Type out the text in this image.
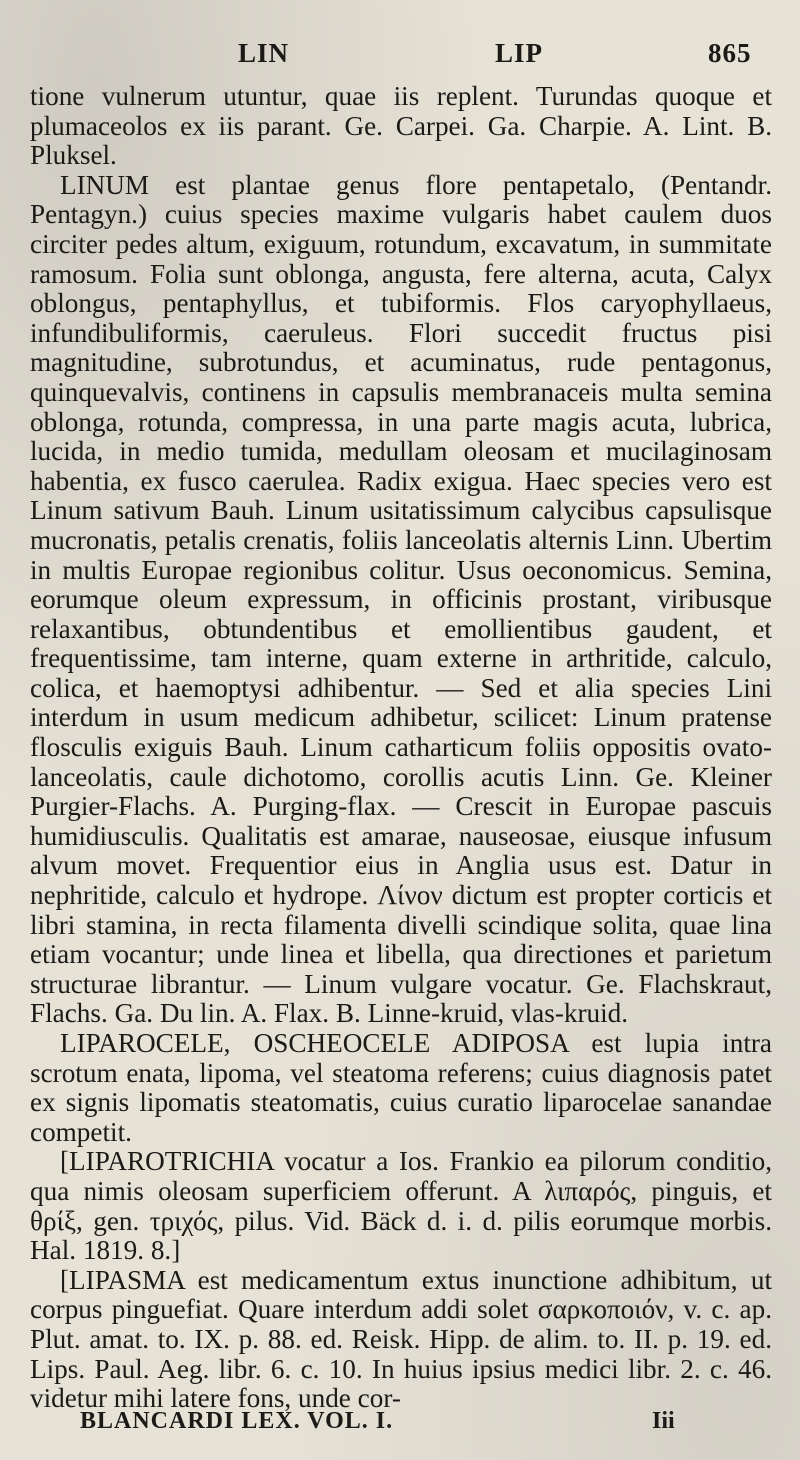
LIN	LIP	865

tione vulnerum utuntur, quae iis replent. Turundas quoque et plumaceolos ex iis parant. Ge. Carpei. Ga. Charpie. A. Lint. B. Pluksel.

LINUM est plantae genus flore pentapetalo, (Pentandr. Pentagyn.) cuius species maxime vulgaris habet caulem duos circiter pedes altum, exiguum, rotundum, excavatum, in summitate ramosum. Folia sunt oblonga, angusta, fere alterna, acuta, Calyx oblongus, pentaphyllus, et tubiformis. Flos caryophyllaeus, infundibuliformis, caeruleus. Flori succedit fructus pisi magnitudine, subrotundus, et acuminatus, rude pentagonus, quinquevalvis, continens in capsulis membranaceis multa semina oblonga, rotunda, compressa, in una parte magis acuta, lubrica, lucida, in medio tumida, medullam oleosam et mucilaginosam habentia, ex fusco caerulea. Radix exigua. Haec species vero est Linum sativum Bauh. Linum usitatissimum calycibus capsulisque mucronatis, petalis crenatis, foliis lanceolatis alternis Linn. Ubertim in multis Europae regionibus colitur. Usus oeconomicus. Semina, eorumque oleum expressum, in officinis prostant, viribusque relaxantibus, obtundentibus et emollientibus gaudent, et frequentissime, tam interne, quam externe in arthritide, calculo, colica, et haemoptysi adhibentur. — Sed et alia species Lini interdum in usum medicum adhibetur, scilicet: Linum pratense flosculis exiguis Bauh. Linum catharticum foliis oppositis ovato-lanceolatis, caule dichotomo, corollis acutis Linn. Ge. Kleiner Purgier-Flachs. A. Purging-flax. — Crescit in Europae pascuis humidiusculis. Qualitatis est amarae, nauseosae, eiusque infusum alvum movet. Frequentior eius in Anglia usus est. Datur in nephritide, calculo et hydrope. Λίνον dictum est propter corticis et libri stamina, in recta filamenta divelli scindique solita, quae lina etiam vocantur; unde linea et libella, qua directiones et parietum structurae librantur. — Linum vulgare vocatur. Ge. Flachskraut, Flachs. Ga. Du lin. A. Flax. B. Linne-kruid, vlas-kruid.

LIPAROCELE, OSCHEOCELE ADIPOSA est lupia intra scrotum enata, lipoma, vel steatoma referens; cuius diagnosis patet ex signis lipomatis steatomatis, cuius curatio liparocelae sanandae competit.

[LIPAROTRICHIA vocatur a Ios. Frankio ea pilorum conditio, qua nimis oleosam superficiem offerunt. A λιπαρός, pinguis, et θρίξ, gen. τριχός, pilus. Vid. Bäck d. i. d. pilis eorumque morbis. Hal. 1819. 8.]

[LIPASMA est medicamentum extus inunctione adhibitum, ut corpus pinguefiat. Quare interdum addi solet σαρκοποιόν, v. c. ap. Plut. amat. to. IX. p. 88. ed. Reisk. Hipp. de alim. to. II. p. 19. ed. Lips. Paul. Aeg. libr. 6. c. 10. In huius ipsius medici libr. 2. c. 46. videtur mihi latere fons, unde cor-

BLANCARDI LEX. VOL. I.	Iii
